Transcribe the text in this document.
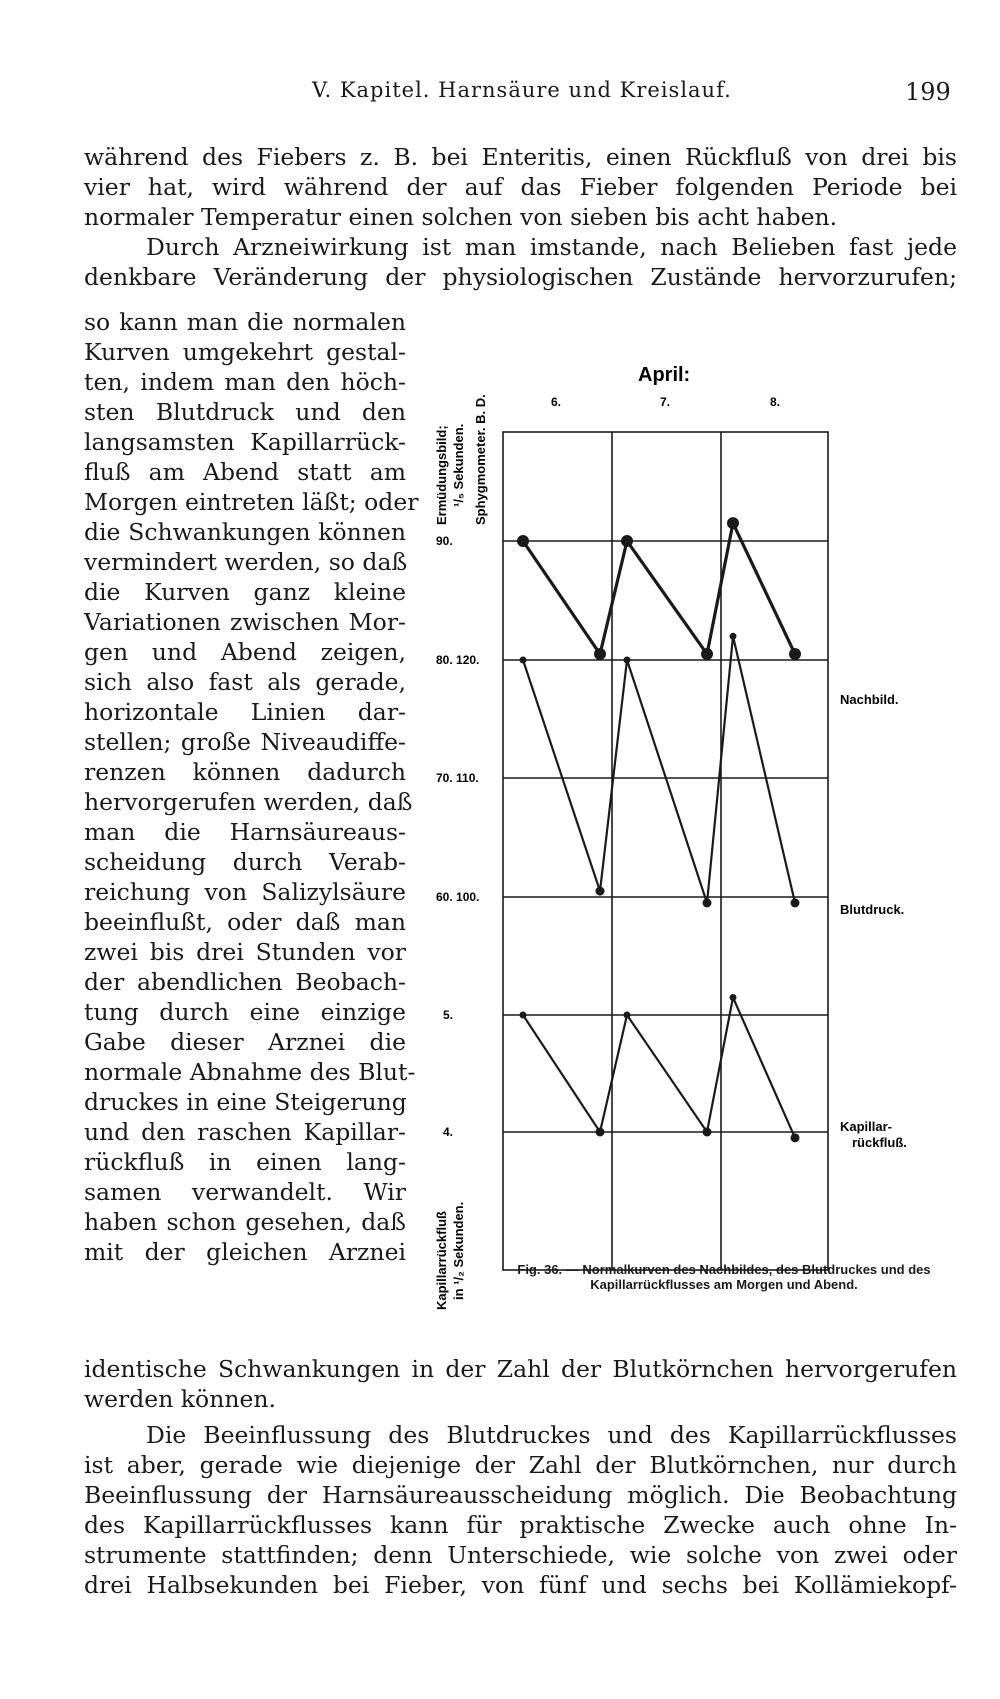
V. Kapitel. Harnsäure und Kreislauf.	199
während des Fiebers z. B. bei Enteritis, einen Rückfluß von drei bis
vier hat, wird während der auf das Fieber folgenden Periode bei
normaler Temperatur einen solchen von sieben bis acht haben.
Durch Arzneiwirkung ist man imstande, nach Belieben fast jede
denkbare Veränderung der physiologischen Zustände hervorzurufen;
so kann man die normalen
Kurven umgekehrt gestal-
ten, indem man den höch-
sten Blutdruck und den
langsamsten Kapillarrück-
fluß am Abend statt am
Morgen eintreten läßt; oder
die Schwankungen können
vermindert werden, so daß
die Kurven ganz kleine
Variationen zwischen Mor-
gen und Abend zeigen,
sich also fast als gerade,
horizontale Linien dar-
stellen; große Niveaudiffe-
renzen können dadurch
hervorgerufen werden, daß
man die Harnsäureaus-
scheidung durch Verab-
reichung von Salizylsäure
beeinflußt, oder daß man
zwei bis drei Stunden vor
der abendlichen Beobach-
tung durch eine einzige
Gabe dieser Arznei die
normale Abnahme des Blut-
druckes in eine Steigerung
und den raschen Kapillar-
rückfluß in einen lang-
samen verwandelt. Wir
haben schon gesehen, daß
mit der gleichen Arznei
identische Schwankungen in der Zahl der Blutkörnchen hervorgerufen
werden können.
Die Beeinflussung des Blutdruckes und des Kapillarrückflusses
ist aber, gerade wie diejenige der Zahl der Blutkörnchen, nur durch
Beeinflussung der Harnsäureausscheidung möglich. Die Beobachtung
des Kapillarrückflusses kann für praktische Zwecke auch ohne In-
strumente stattfinden; denn Unterschiede, wie solche von zwei oder
drei Halbsekunden bei Fieber, von fünf und sechs bei Kollämiekopf-
April:
6.	7.	8.
90.
80. 120.
70. 110.
60. 100.
5.
4.
Ermüdungsbild; ¹/₅ Sekunden. Sphygmometer. B. D.
Kapillarrückfluß in ¹/₂ Sekunden.
Nachbild.
Blutdruck.
Kapillar- rückfluß.
Fig. 36. — Normalkurven des Nachbildes, des Blutdruckes und des Kapillarrückflusses am Morgen und Abend.
